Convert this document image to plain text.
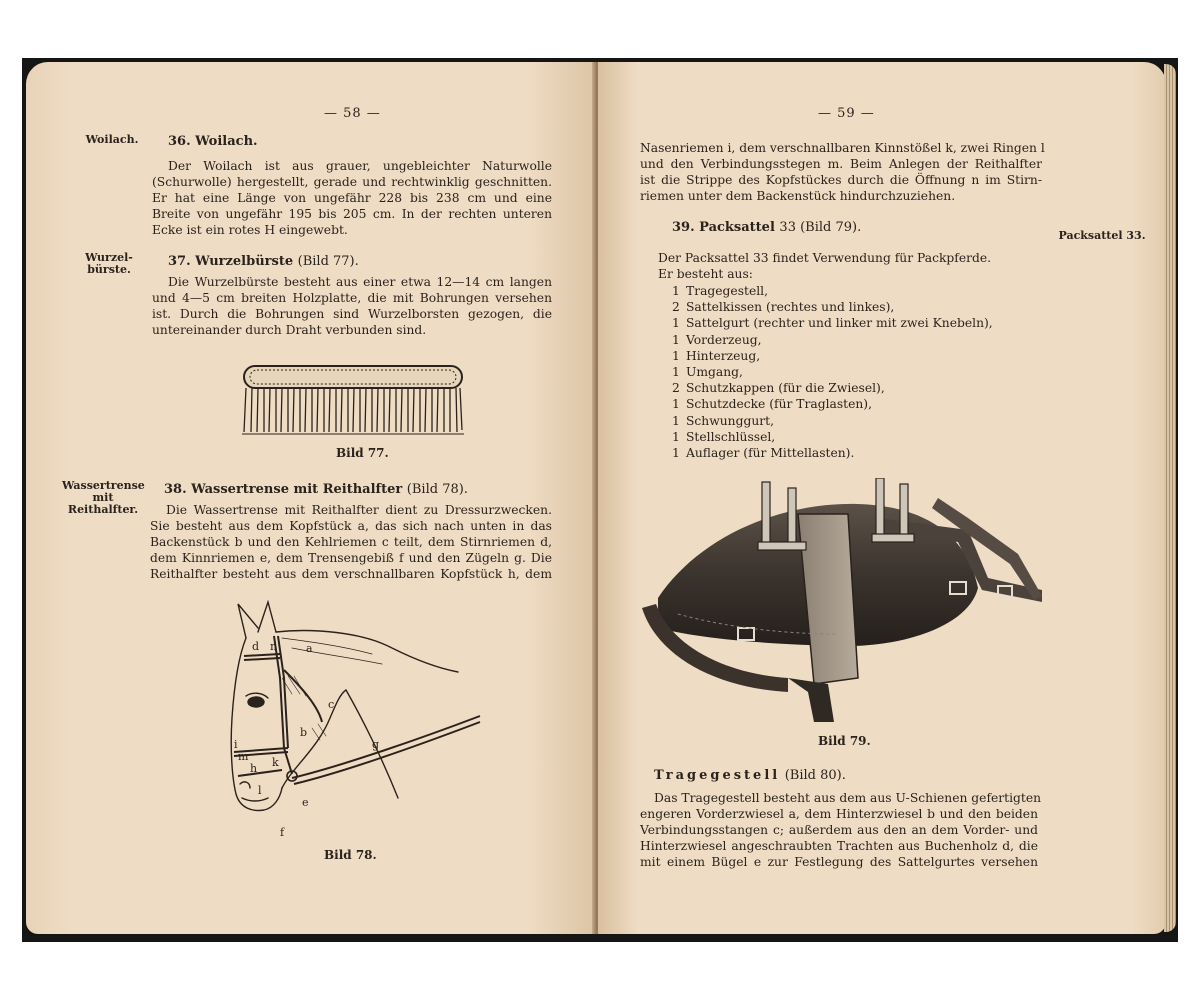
— 58 —
Woilach. 36. Woilach.
Der Woilach ist aus grauer, ungebleichter Naturwolle
(Schurwolle) hergestellt, gerade und rechtwinklig geschnitten.
Er hat eine Länge von ungefähr 228 bis 238 cm und eine
Breite von ungefähr 195 bis 205 cm. In der rechten unteren
Ecke ist ein rotes H eingewebt.
Wurzel-
bürste.
37. Wurzelbürste (Bild 77).
Die Wurzelbürste besteht aus einer etwa 12—14 cm langen
und 4—5 cm breiten Holzplatte, die mit Bohrungen versehen
ist. Durch die Bohrungen sind Wurzelborsten gezogen, die
untereinander durch Draht verbunden sind.
Bild 77.
Wassertrense
mit
Reithalfter.
38. Wassertrense mit Reithalfter (Bild 78).
Die Wassertrense mit Reithalfter dient zu Dressurzwecken.
Sie besteht aus dem Kopfstück a, das sich nach unten in das
Backenstück b und den Kehlriemen c teilt, dem Stirnriemen d,
dem Kinnriemen e, dem Trensengebiß f und den Zügeln g. Die
Reithalfter besteht aus dem verschnallbaren Kopfstück h, dem
a
b
c
d
e
f
g
h
i
k
l
m
n
Bild 78.
— 59 —
Nasenriemen i, dem verschnallbaren Kinnstößel k, zwei Ringen l
und den Verbindungsstegen m. Beim Anlegen der Reithalfter
ist die Strippe des Kopfstückes durch die Öffnung n im Stirn-
riemen unter dem Backenstück hindurchzuziehen.
39. Packsattel 33 (Bild 79).
Packsattel 33.
Der Packsattel 33 findet Verwendung für Packpferde.
Er besteht aus:
1 Tragegestell,
2 Sattelkissen (rechtes und linkes),
1 Sattelgurt (rechter und linker mit zwei Knebeln),
1 Vorderzeug,
1 Hinterzeug,
1 Umgang,
2 Schutzkappen (für die Zwiesel),
1 Schutzdecke (für Traglasten),
1 Schwunggurt,
1 Stellschlüssel,
1 Auflager (für Mittellasten).
Bild 79.
Tragegestell (Bild 80).
Das Tragegestell besteht aus dem aus U-Schienen gefertigten
engeren Vorderzwiesel a, dem Hinterzwiesel b und den beiden
Verbindungsstangen c; außerdem aus den an dem Vorder- und
Hinterzwiesel angeschraubten Trachten aus Buchenholz d, die
mit einem Bügel e zur Festlegung des Sattelgurtes versehen
